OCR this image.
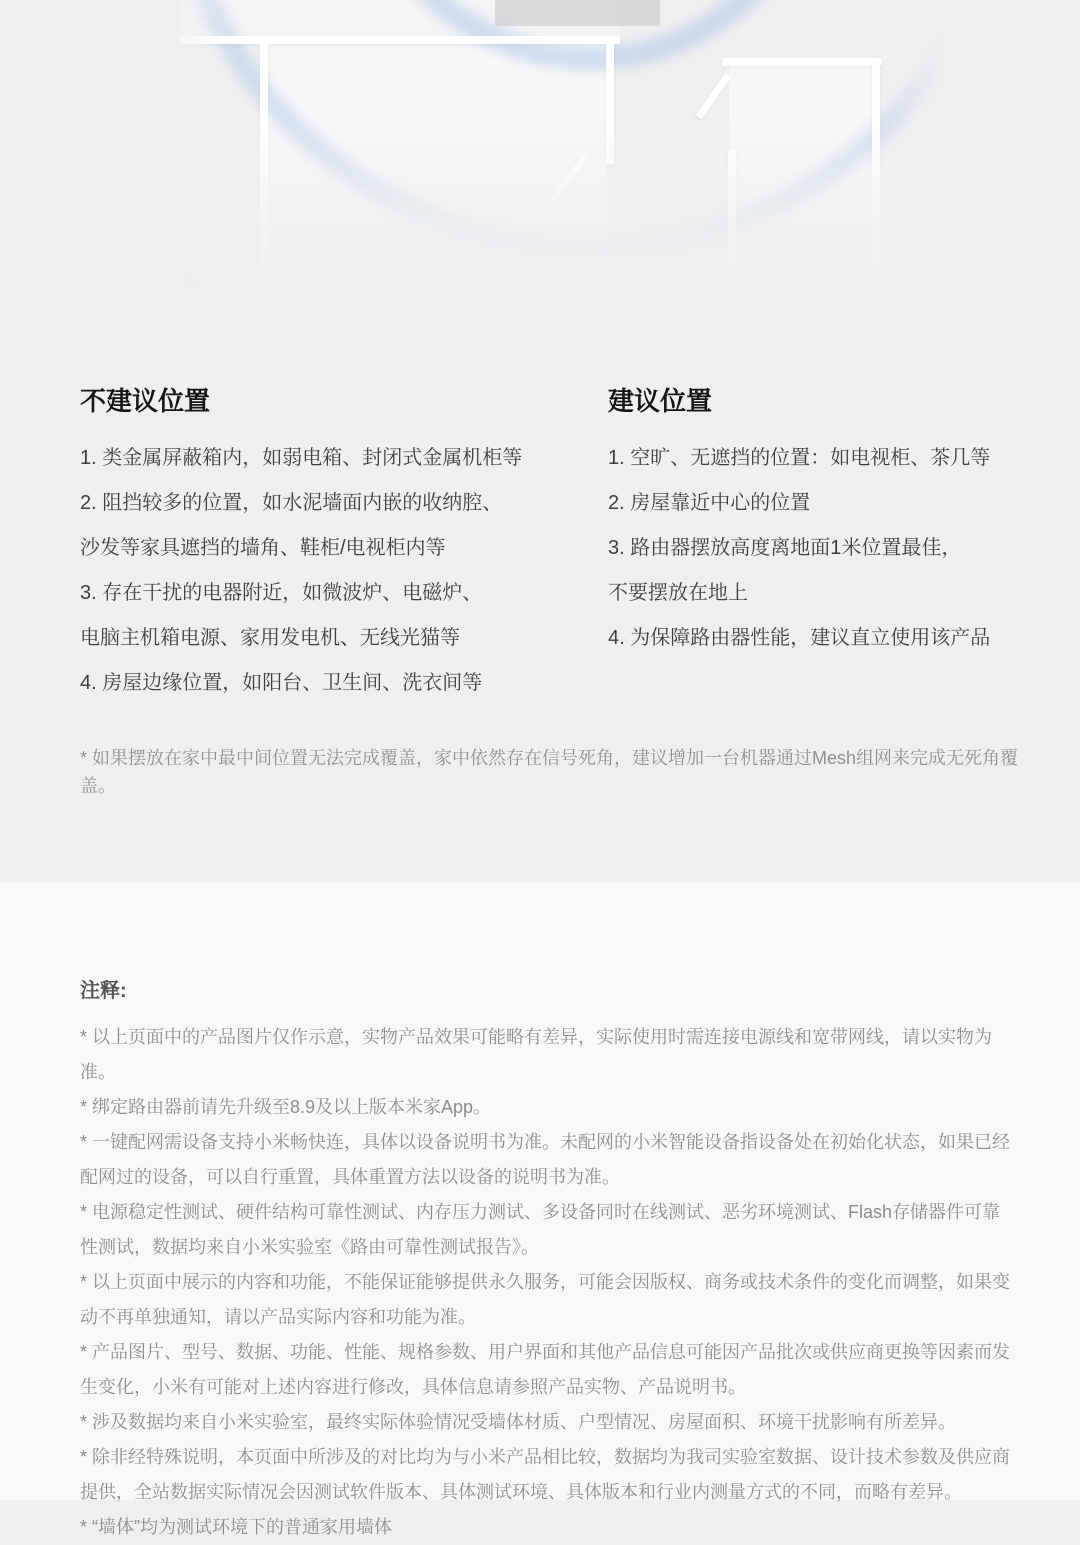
不建议位置
1. 类金属屏蔽箱内，如弱电箱、封闭式金属机柜等
2. 阻挡较多的位置，如水泥墙面内嵌的收纳腔、
沙发等家具遮挡的墙角、鞋柜/电视柜内等
3. 存在干扰的电器附近，如微波炉、电磁炉、
电脑主机箱电源、家用发电机、无线光猫等
4. 房屋边缘位置，如阳台、卫生间、洗衣间等
建议位置
1. 空旷、无遮挡的位置：如电视柜、茶几等
2. 房屋靠近中心的位置
3. 路由器摆放高度离地面1米位置最佳，
不要摆放在地上
4. 为保障路由器性能，建议直立使用该产品
* 如果摆放在家中最中间位置无法完成覆盖，家中依然存在信号死角，建议增加一台机器通过Mesh组网来完成无死角覆盖。
注释:

* 以上页面中的产品图片仅作示意，实物产品效果可能略有差异，实际使用时需连接电源线和宽带网线，请以实物为准。

* 绑定路由器前请先升级至8.9及以上版本米家App。

* 一键配网需设备支持小米畅快连，具体以设备说明书为准。未配网的小米智能设备指设备处在初始化状态，如果已经配网过的设备，可以自行重置，具体重置方法以设备的说明书为准。

* 电源稳定性测试、硬件结构可靠性测试、内存压力测试、多设备同时在线测试、恶劣环境测试、Flash存储器件可靠性测试，数据均来自小米实验室《路由可靠性测试报告》。

* 以上页面中展示的内容和功能，不能保证能够提供永久服务，可能会因版权、商务或技术条件的变化而调整，如果变动不再单独通知，请以产品实际内容和功能为准。

* 产品图片、型号、数据、功能、性能、规格参数、用户界面和其他产品信息可能因产品批次或供应商更换等因素而发生变化，小米有可能对上述内容进行修改，具体信息请参照产品实物、产品说明书。

* 涉及数据均来自小米实验室，最终实际体验情况受墙体材质、户型情况、房屋面积、环境干扰影响有所差异。

* 除非经特殊说明，本页面中所涉及的对比均为与小米产品相比较，数据均为我司实验室数据、设计技术参数及供应商提供，全站数据实际情况会因测试软件版本、具体测试环境、具体版本和行业内测量方式的不同，而略有差异。

* “墙体”均为测试环境下的普通家用墙体
